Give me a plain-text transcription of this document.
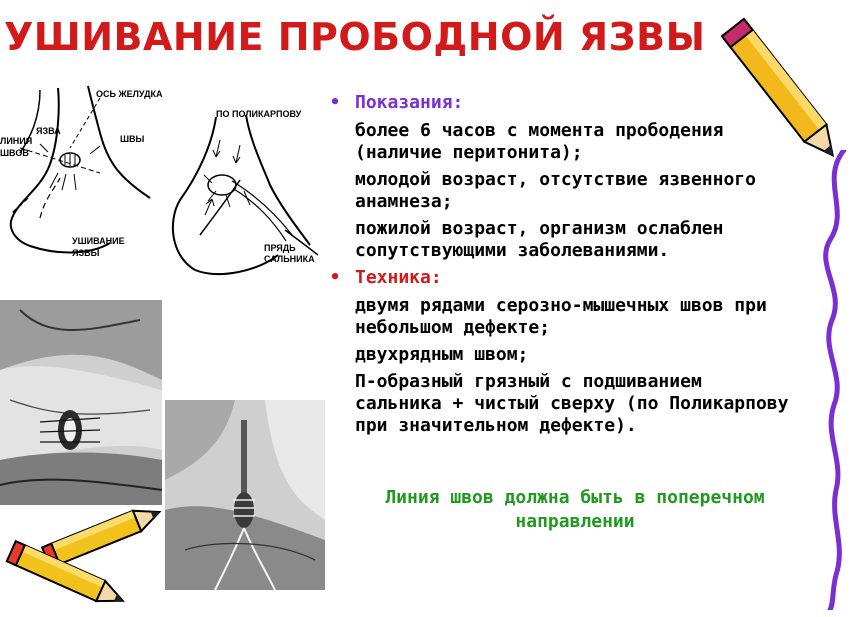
УШИВАНИЕ ПРОБОДНОЙ ЯЗВЫ
ОСЬ ЖЕЛУДКА
ЯЗВА
ШВЫ
ЛИНИЯ
ШВОВ
УШИВАНИЕ
ЯЗВЫ
ПО ПОЛИКАРПОВУ
ПРЯДЬ
САЛЬНИКА
• Показания:
более 6 часов с момента прободения (наличие перитонита);
молодой возраст, отсутствие язвенного анамнеза;
пожилой возраст, организм ослаблен сопутствующими заболеваниями.
• Техника:
двумя рядами серозно-мышечных швов при небольшом дефекте;
двухрядным швом;
П-образный грязный с подшиванием сальника + чистый сверху (по Поликарпову при значительном дефекте).
Линия швов должна быть в поперечном направлении
